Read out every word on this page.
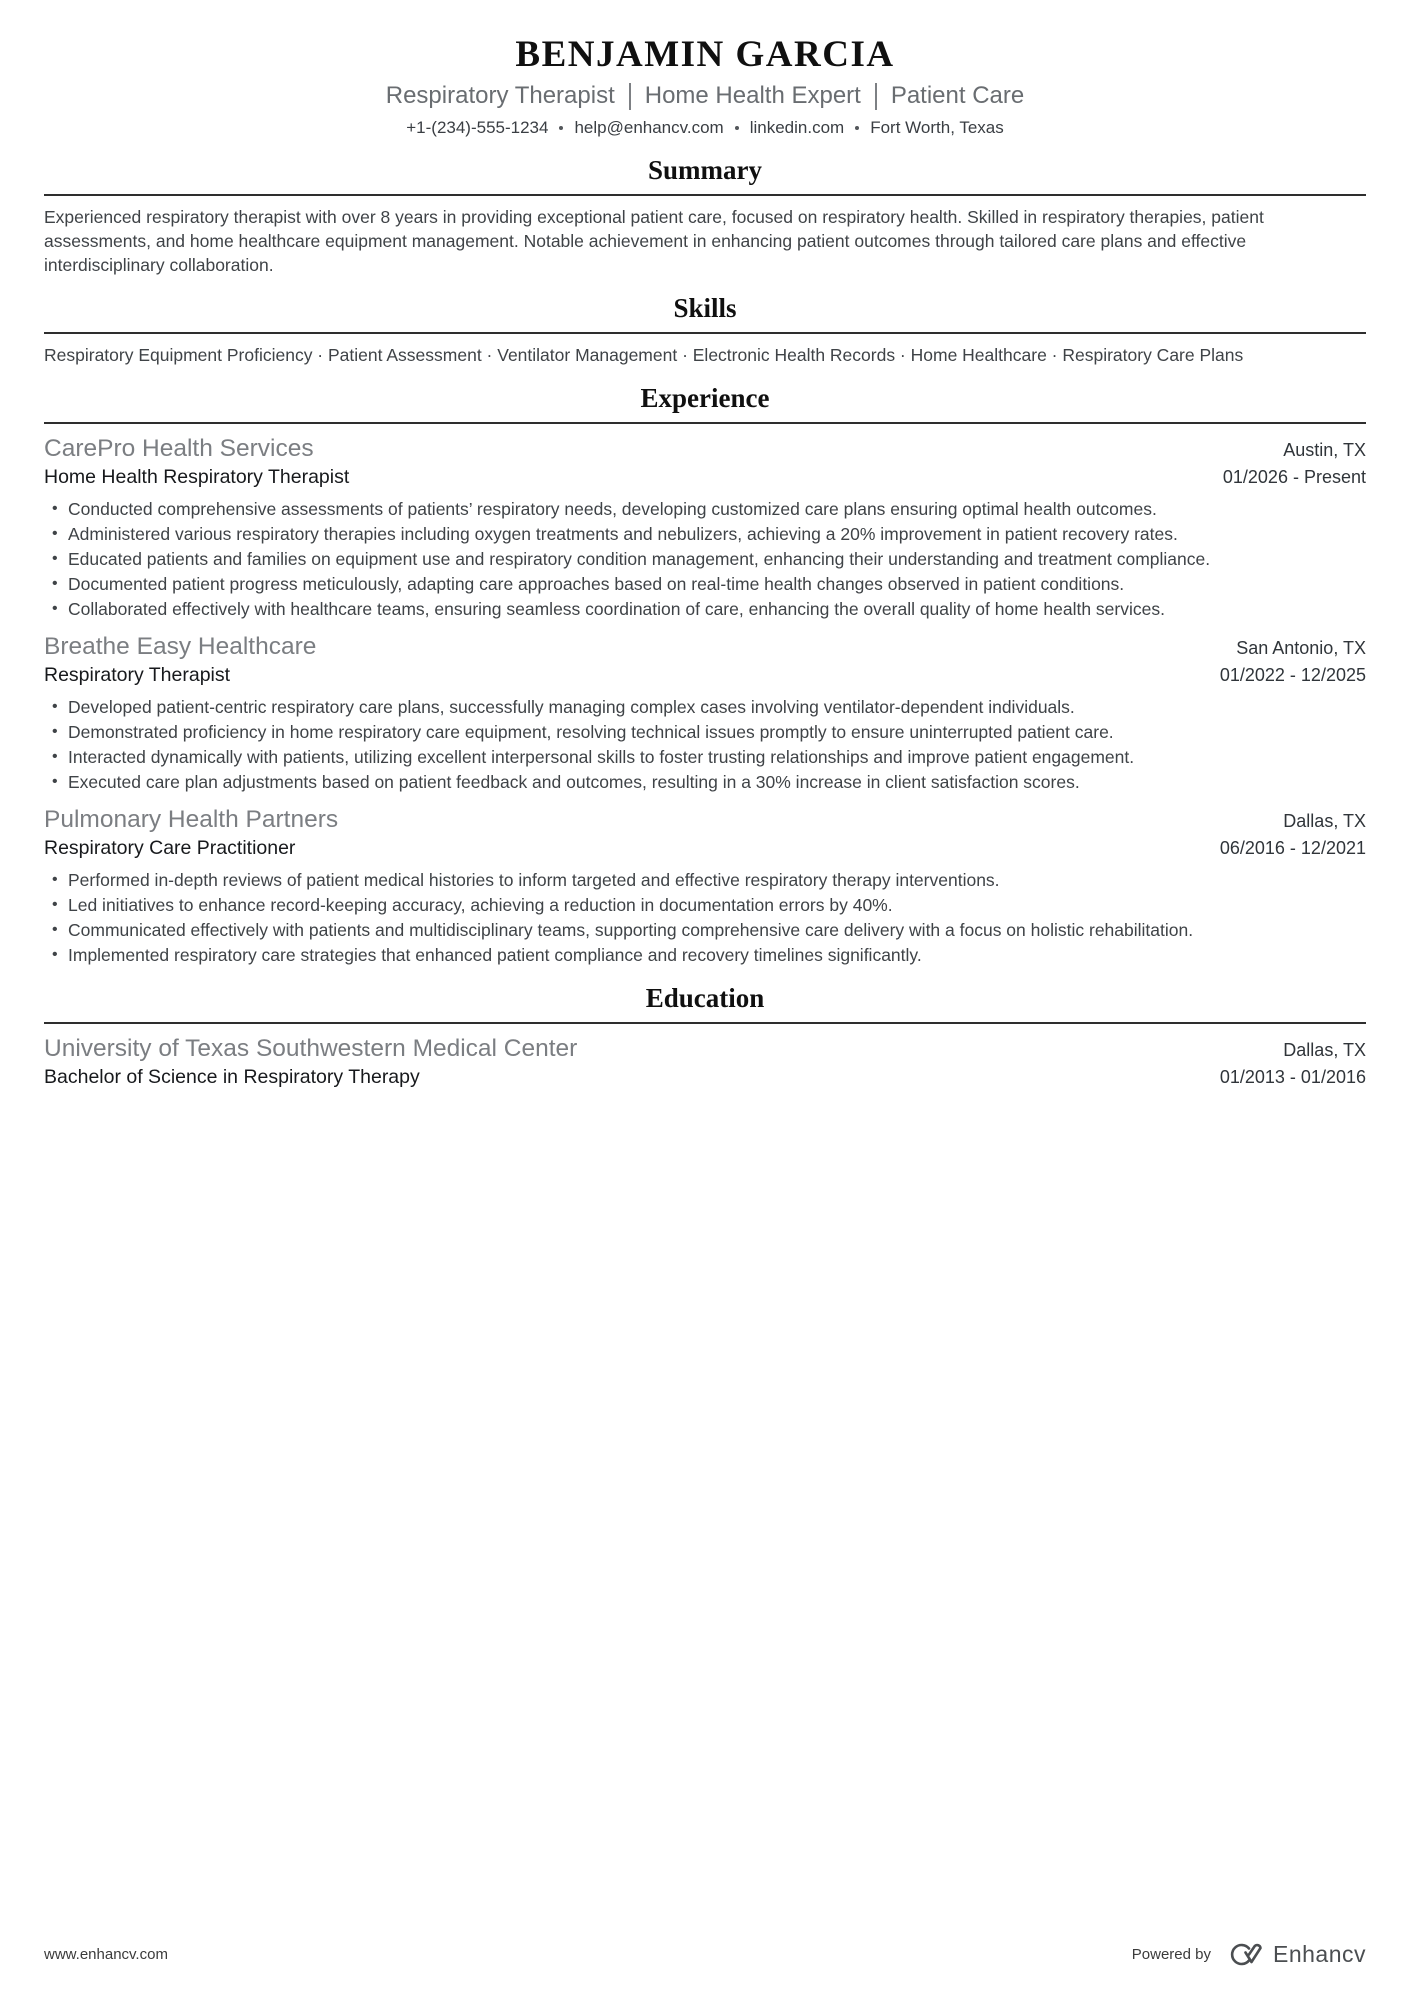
BENJAMIN GARCIA
Respiratory Therapist Home Health Expert Patient Care
+1-(234)-555-1234 help@enhancv.com linkedin.com Fort Worth, Texas
Summary
Experienced respiratory therapist with over 8 years in providing exceptional patient care, focused on respiratory health. Skilled in respiratory therapies, patient assessments, and home healthcare equipment management. Notable achievement in enhancing patient outcomes through tailored care plans and effective interdisciplinary collaboration.
Skills
Respiratory Equipment Proficiency · Patient Assessment · Ventilator Management · Electronic Health Records · Home Healthcare · Respiratory Care Plans
Experience
CarePro Health Services	Austin, TX
Home Health Respiratory Therapist	01/2026 - Present
• Conducted comprehensive assessments of patients’ respiratory needs, developing customized care plans ensuring optimal health outcomes.
• Administered various respiratory therapies including oxygen treatments and nebulizers, achieving a 20% improvement in patient recovery rates.
• Educated patients and families on equipment use and respiratory condition management, enhancing their understanding and treatment compliance.
• Documented patient progress meticulously, adapting care approaches based on real-time health changes observed in patient conditions.
• Collaborated effectively with healthcare teams, ensuring seamless coordination of care, enhancing the overall quality of home health services.
Breathe Easy Healthcare	San Antonio, TX
Respiratory Therapist	01/2022 - 12/2025
• Developed patient-centric respiratory care plans, successfully managing complex cases involving ventilator-dependent individuals.
• Demonstrated proficiency in home respiratory care equipment, resolving technical issues promptly to ensure uninterrupted patient care.
• Interacted dynamically with patients, utilizing excellent interpersonal skills to foster trusting relationships and improve patient engagement.
• Executed care plan adjustments based on patient feedback and outcomes, resulting in a 30% increase in client satisfaction scores.
Pulmonary Health Partners	Dallas, TX
Respiratory Care Practitioner	06/2016 - 12/2021
• Performed in-depth reviews of patient medical histories to inform targeted and effective respiratory therapy interventions.
• Led initiatives to enhance record-keeping accuracy, achieving a reduction in documentation errors by 40%.
• Communicated effectively with patients and multidisciplinary teams, supporting comprehensive care delivery with a focus on holistic rehabilitation.
• Implemented respiratory care strategies that enhanced patient compliance and recovery timelines significantly.
Education
University of Texas Southwestern Medical Center	Dallas, TX
Bachelor of Science in Respiratory Therapy	01/2013 - 01/2016
www.enhancv.com	Powered by	Enhancv
